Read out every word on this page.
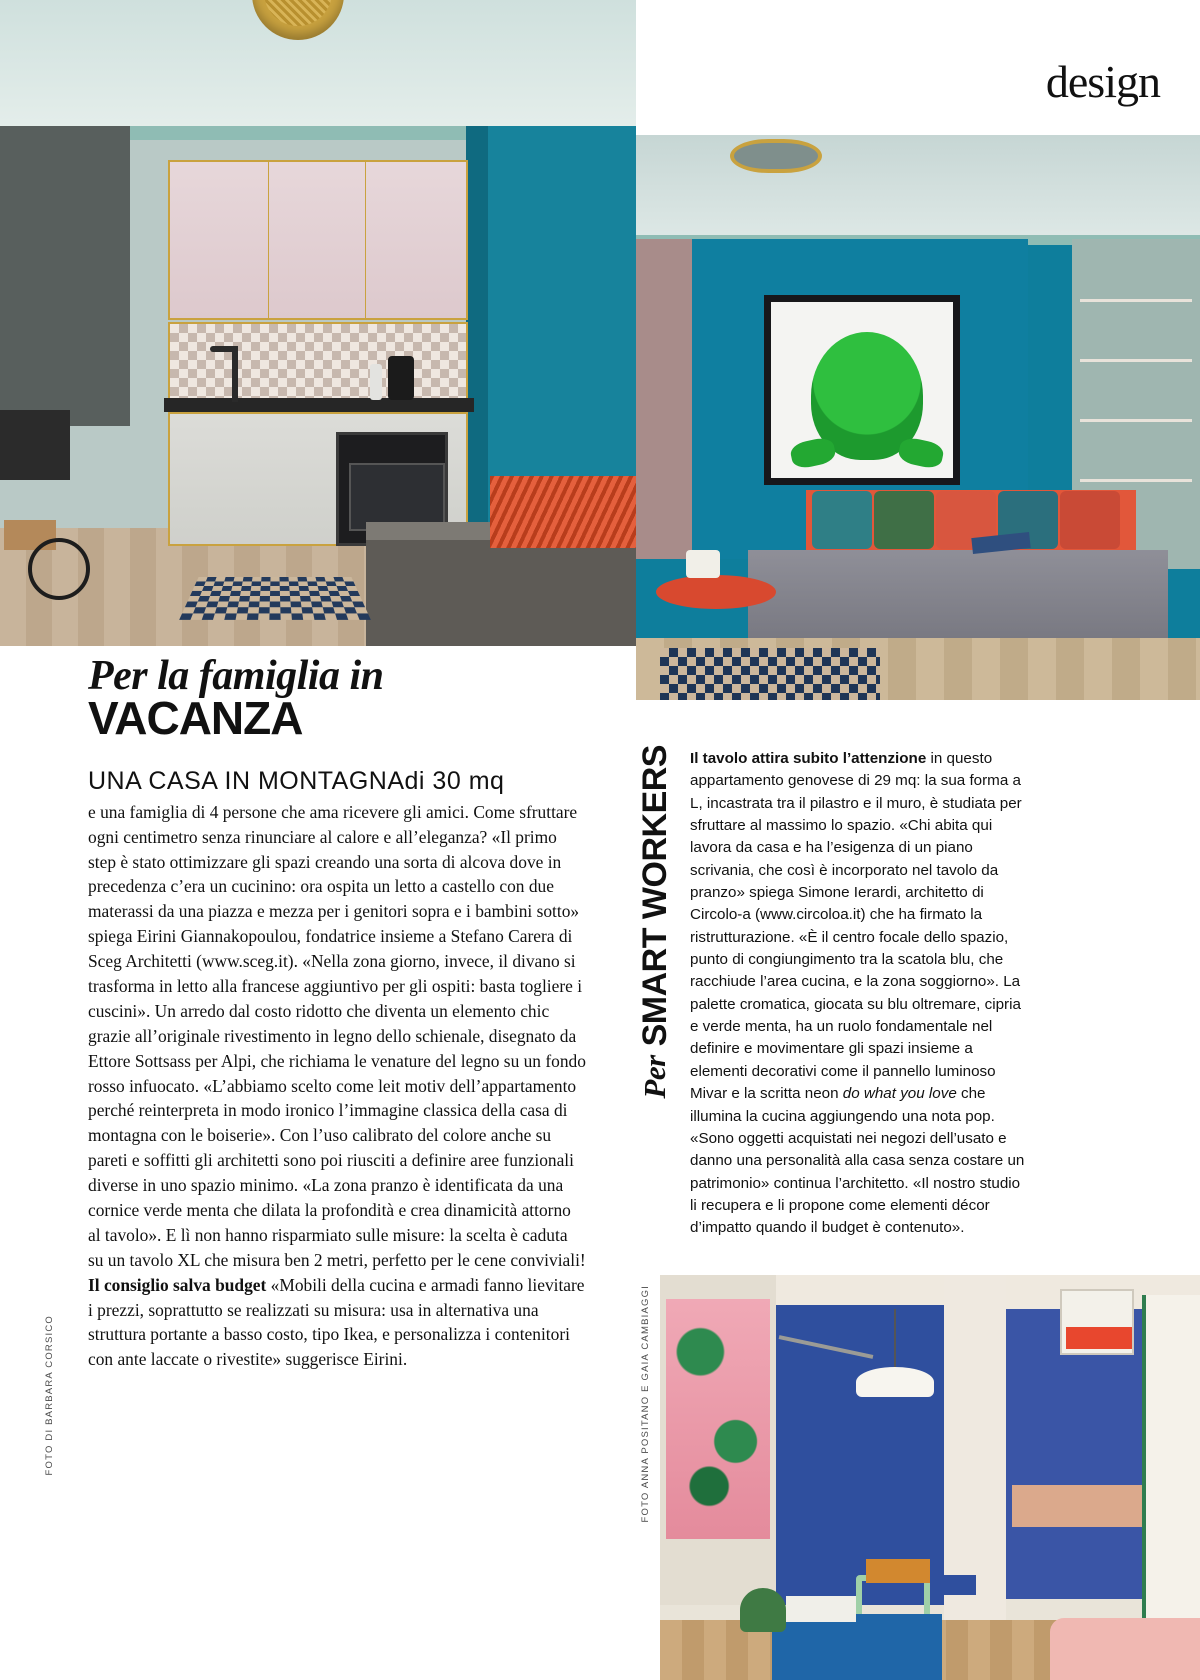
design
Per la famiglia in
VACANZA
UNA CASA IN MONTAGNAdi 30 mq
e una famiglia di 4 persone che ama ricevere gli amici. Come sfruttare ogni centimetro senza rinunciare al calore e all’eleganza? «Il primo step è stato ottimizzare gli spazi creando una sorta di alcova dove in precedenza c’era un cucinino: ora ospita un letto a castello con due materassi da una piazza e mezza per i genitori sopra e i bambini sotto» spiega Eirini Giannakopoulou, fondatrice insieme a Stefano Carera di Sceg Architetti (www.sceg.it). «Nella zona giorno, invece, il divano si trasforma in letto alla francese aggiuntivo per gli ospiti: basta togliere i cuscini». Un arredo dal costo ridotto che diventa un elemento chic grazie all’originale rivestimento in legno dello schienale, disegnato da Ettore Sottsass per Alpi, che richiama le venature del legno su un fondo rosso infuocato. «L’abbiamo scelto come leit motiv dell’appartamento perché reinterpreta in modo ironico l’immagine classica della casa di montagna con le boiserie». Con l’uso calibrato del colore anche su pareti e soffitti gli architetti sono poi riusciti a definire aree funzionali diverse in uno spazio minimo. «La zona pranzo è identificata da una cornice verde menta che dilata la profondità e crea dinamicità attorno al tavolo». E lì non hanno risparmiato sulle misure: la scelta è caduta su un tavolo XL che misura ben 2 metri, perfetto per le cene conviviali! Il consiglio salva budget «Mobili della cucina e armadi fanno lievitare i prezzi, soprattutto se realizzati su misura: usa in alternativa una struttura portante a basso costo, tipo Ikea, e personalizza i contenitori con ante laccate o rivestite» suggerisce Eirini.
FOTO DI BARBARA CORSICO	FOTO ANNA POSITANO E GAIA CAMBIAGGI
Per SMART WORKERS Il tavolo attira subito l’attenzione in questo appartamento genovese di 29 mq: la sua forma a L, incastrata tra il pilastro e il muro, è studiata per sfruttare al massimo lo spazio. «Chi abita qui lavora da casa e ha l’esigenza di un piano scrivania, che così è incorporato nel tavolo da pranzo» spiega Simone Ierardi, architetto di Circolo-a (www.circoloa.it) che ha firmato la ristrutturazione. «È il centro focale dello spazio, punto di congiungimento tra la scatola blu, che racchiude l’area cucina, e la zona soggiorno». La palette cromatica, giocata su blu oltremare, cipria e verde menta, ha un ruolo fondamentale nel definire e movimentare gli spazi insieme a elementi decorativi come il pannello luminoso Mivar e la scritta neon do what you love che illumina la cucina aggiungendo una nota pop. «Sono oggetti acquistati nei negozi dell’usato e danno una personalità alla casa senza costare un patrimonio» continua l’architetto. «Il nostro studio li recupera e li propone come elementi décor d’impatto quando il budget è contenuto».
